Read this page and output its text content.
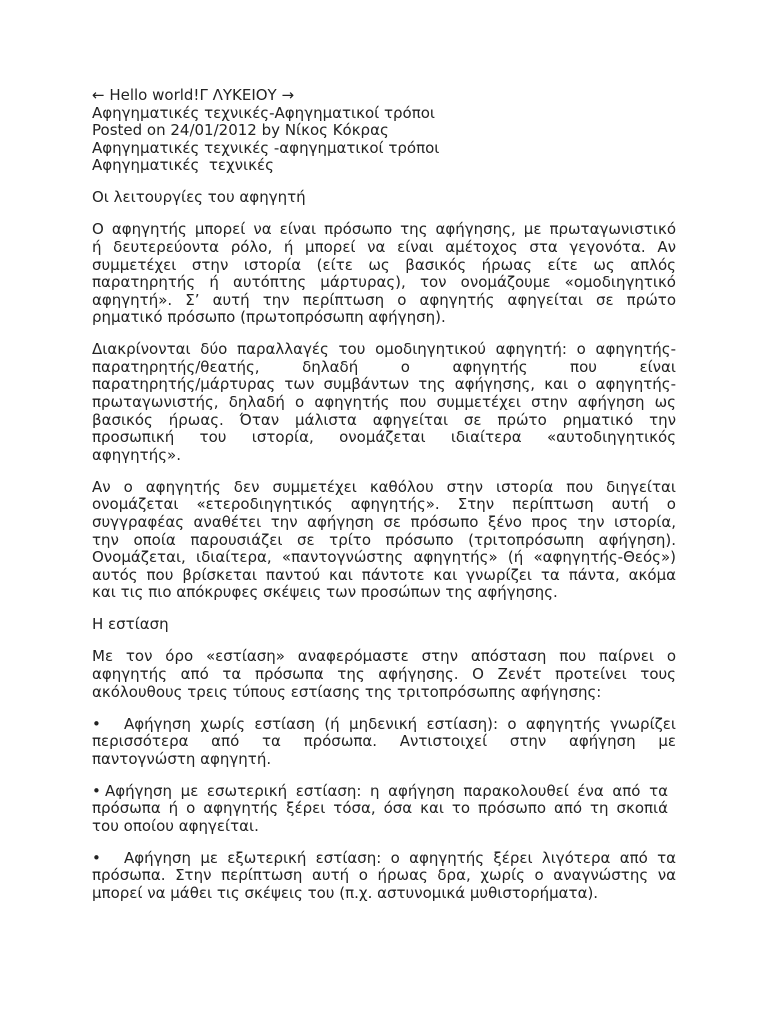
← Hello world!Γ ΛΥΚΕΙΟΥ →
Αφηγηματικές τεχνικές-Αφηγηματικοί τρόποι
Posted on 24/01/2012 by Νίκος Κόκρας
Αφηγηματικές τεχνικές -αφηγηματικοί τρόποι
Αφηγηματικές  τεχνικές
Οι λειτουργίες του αφηγητή
Ο αφηγητής μπορεί να είναι πρόσωπο της αφήγησης, με πρωταγωνιστικό
ή δευτερεύοντα ρόλο, ή μπορεί να είναι αμέτοχος στα γεγονότα. Αν
συμμετέχει στην ιστορία (είτε ως βασικός ήρωας είτε ως απλός
παρατηρητής ή αυτόπτης μάρτυρας), τον ονομάζουμε «ομοδιηγητικό
αφηγητή». Σ’ αυτή την περίπτωση ο αφηγητής αφηγείται σε πρώτο
ρηματικό πρόσωπο (πρωτοπρόσωπη αφήγηση).
Διακρίνονται δύο παραλλαγές του ομοδιηγητικού αφηγητή: ο αφηγητής-
παρατηρητής/θεατής, δηλαδή ο αφηγητής που είναι
παρατηρητής/μάρτυρας των συμβάντων της αφήγησης, και ο αφηγητής-
πρωταγωνιστής, δηλαδή ο αφηγητής που συμμετέχει στην αφήγηση ως
βασικός ήρωας. Όταν μάλιστα αφηγείται σε πρώτο ρηματικό την
προσωπική του ιστορία, ονομάζεται ιδιαίτερα «αυτοδιηγητικός
αφηγητής».
Αν ο αφηγητής δεν συμμετέχει καθόλου στην ιστορία που διηγείται
ονομάζεται «ετεροδιηγητικός αφηγητής». Στην περίπτωση αυτή ο
συγγραφέας αναθέτει την αφήγηση σε πρόσωπο ξένο προς την ιστορία,
την οποία παρουσιάζει σε τρίτο πρόσωπο (τριτοπρόσωπη αφήγηση).
Ονομάζεται, ιδιαίτερα, «παντογνώστης αφηγητής» (ή «αφηγητής-Θεός»)
αυτός που βρίσκεται παντού και πάντοτε και γνωρίζει τα πάντα, ακόμα
και τις πιο απόκρυφες σκέψεις των προσώπων της αφήγησης.
Η εστίαση
Με τον όρο «εστίαση» αναφερόμαστε στην απόσταση που παίρνει ο
αφηγητής από τα πρόσωπα της αφήγησης. Ο Ζενέτ προτείνει τους
ακόλουθους τρεις τύπους εστίασης της τριτοπρόσωπης αφήγησης:
• Αφήγηση χωρίς εστίαση (ή μηδενική εστίαση): ο αφηγητής γνωρίζει
περισσότερα από τα πρόσωπα. Αντιστοιχεί στην αφήγηση με
παντογνώστη αφηγητή.
• Αφήγηση με εσωτερική εστίαση: η αφήγηση παρακολουθεί ένα από τα
πρόσωπα ή ο αφηγητής ξέρει τόσα, όσα και το πρόσωπο από τη σκοπιά
του οποίου αφηγείται.
• Αφήγηση με εξωτερική εστίαση: ο αφηγητής ξέρει λιγότερα από τα
πρόσωπα. Στην περίπτωση αυτή ο ήρωας δρα, χωρίς ο αναγνώστης να
μπορεί να μάθει τις σκέψεις του (π.χ. αστυνομικά μυθιστορήματα).
